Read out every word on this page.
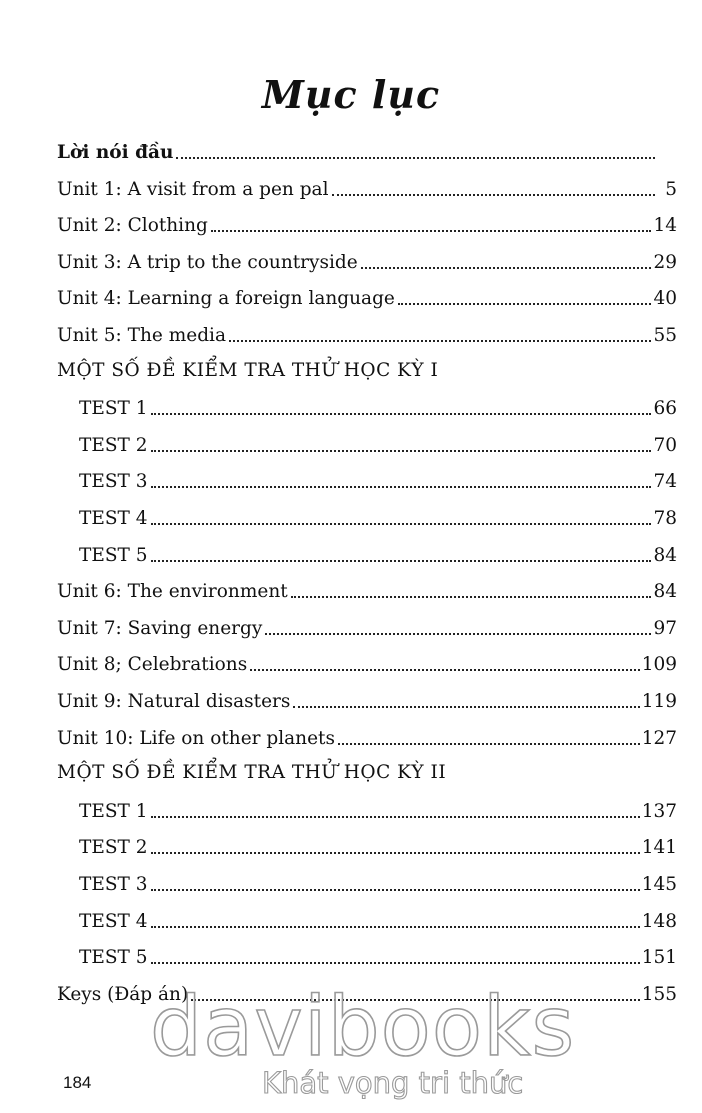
Mục lục
Lời nói đầu
Unit 1: A visit from a pen pal	5
Unit 2: Clothing	14
Unit 3: A trip to the countryside	29
Unit 4: Learning a foreign language	40
Unit 5: The media	55
MỘT SỐ ĐỀ KIỂM TRA THỬ HỌC KỲ I
TEST 1	66
TEST 2	70
TEST 3	74
TEST 4	78
TEST 5	84
Unit 6: The environment	84
Unit 7: Saving energy	97
Unit 8; Celebrations	109
Unit 9: Natural disasters	119
Unit 10: Life on other planets	127
MỘT SỐ ĐỀ KIỂM TRA THỬ HỌC KỲ II
TEST 1	137
TEST 2	141
TEST 3	145
TEST 4	148
TEST 5	151
Keys (Đáp án)	155
davibooks
Khát vọng tri thức
184
